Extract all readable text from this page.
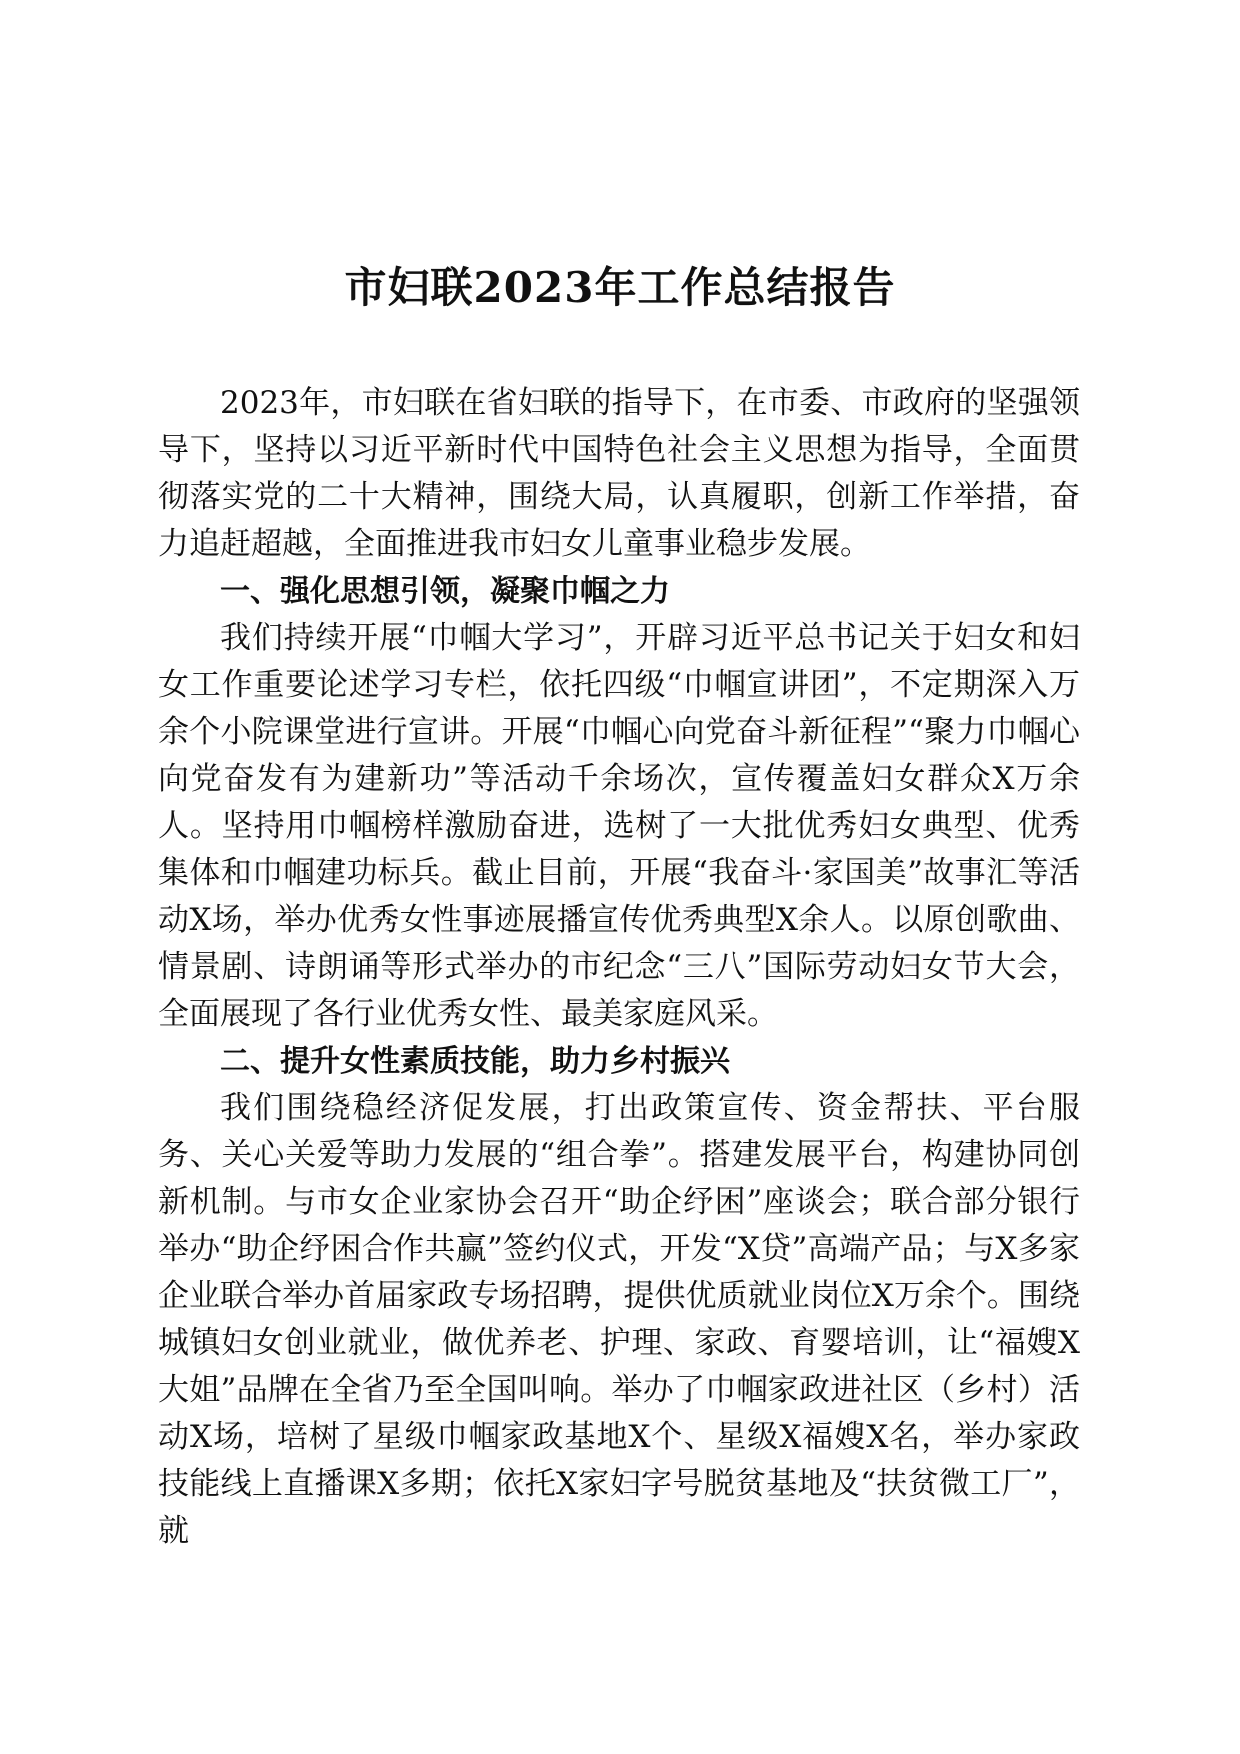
市妇联2023年工作总结报告

2023年，市妇联在省妇联的指导下，在市委、市政府的坚强领导下，坚持以习近平新时代中国特色社会主义思想为指导，全面贯彻落实党的二十大精神，围绕大局，认真履职，创新工作举措，奋力追赶超越，全面推进我市妇女儿童事业稳步发展。

一、强化思想引领，凝聚巾帼之力

我们持续开展“巾帼大学习”，开辟习近平总书记关于妇女和妇女工作重要论述学习专栏，依托四级“巾帼宣讲团”，不定期深入万余个小院课堂进行宣讲。开展“巾帼心向党奋斗新征程”“聚力巾帼心向党奋发有为建新功”等活动千余场次，宣传覆盖妇女群众X万余人。坚持用巾帼榜样激励奋进，选树了一大批优秀妇女典型、优秀集体和巾帼建功标兵。截止目前，开展“我奋斗·家国美”故事汇等活动X场，举办优秀女性事迹展播宣传优秀典型X余人。以原创歌曲、情景剧、诗朗诵等形式举办的市纪念“三八”国际劳动妇女节大会，全面展现了各行业优秀女性、最美家庭风采。

二、提升女性素质技能，助力乡村振兴

我们围绕稳经济促发展，打出政策宣传、资金帮扶、平台服务、关心关爱等助力发展的“组合拳”。搭建发展平台，构建协同创新机制。与市女企业家协会召开“助企纾困”座谈会；联合部分银行举办“助企纾困合作共赢”签约仪式，开发“X贷”高端产品；与X多家企业联合举办首届家政专场招聘，提供优质就业岗位X万余个。围绕城镇妇女创业就业，做优养老、护理、家政、育婴培训，让“福嫂X大姐”品牌在全省乃至全国叫响。举办了巾帼家政进社区（乡村）活动X场，培树了星级巾帼家政基地X个、星级X福嫂X名，举办家政技能线上直播课X多期；依托X家妇字号脱贫基地及“扶贫微工厂”，就
